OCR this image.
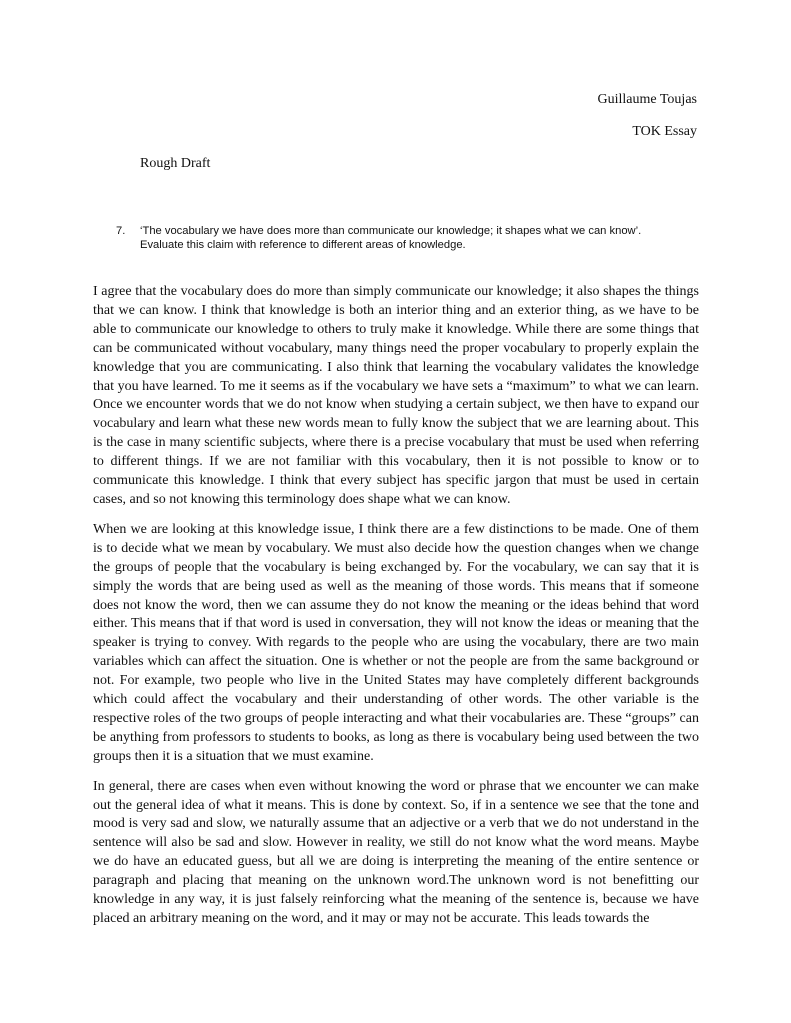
Guillaume Toujas
TOK Essay
Rough Draft
7.	‘The vocabulary we have does more than communicate our knowledge; it shapes what we can know’.
Evaluate this claim with reference to different areas of knowledge.

I agree that the vocabulary does do more than simply communicate our knowledge; it also shapes the things that we can know. I think that knowledge is both an interior thing and an exterior thing, as we have to be able to communicate our knowledge to others to truly make it knowledge. While there are some things that can be communicated without vocabulary, many things need the proper vocabulary to properly explain the knowledge that you are communicating. I also think that learning the vocabulary validates the knowledge that you have learned. To me it seems as if the vocabulary we have sets a “maximum” to what we can learn. Once we encounter words that we do not know when studying a certain subject, we then have to expand our vocabulary and learn what these new words mean to fully know the subject that we are learning about. This is the case in many scientific subjects, where there is a precise vocabulary that must be used when referring to different things. If we are not familiar with this vocabulary, then it is not possible to know or to communicate this knowledge. I think that every subject has specific jargon that must be used in certain cases, and so not knowing this terminology does shape what we can know.

When we are looking at this knowledge issue, I think there are a few distinctions to be made. One of them is to decide what we mean by vocabulary. We must also decide how the question changes when we change the groups of people that the vocabulary is being exchanged by. For the vocabulary, we can say that it is simply the words that are being used as well as the meaning of those words. This means that if someone does not know the word, then we can assume they do not know the meaning or the ideas behind that word either. This means that if that word is used in conversation, they will not know the ideas or meaning that the speaker is trying to convey. With regards to the people who are using the vocabulary, there are two main variables which can affect the situation. One is whether or not the people are from the same background or not. For example, two people who live in the United States may have completely different backgrounds which could affect the vocabulary and their understanding of other words. The other variable is the respective roles of the two groups of people interacting and what their vocabularies are. These “groups” can be anything from professors to students to books, as long as there is vocabulary being used between the two groups then it is a situation that we must examine.

In general, there are cases when even without knowing the word or phrase that we encounter we can make out the general idea of what it means. This is done by context. So, if in a sentence we see that the tone and mood is very sad and slow, we naturally assume that an adjective or a verb that we do not understand in the sentence will also be sad and slow. However in reality, we still do not know what the word means. Maybe we do have an educated guess, but all we are doing is interpreting the meaning of the entire sentence or paragraph and placing that meaning on the unknown word.The unknown word is not benefitting our knowledge in any way, it is just falsely reinforcing what the meaning of the sentence is, because we have placed an arbitrary meaning on the word, and it may or may not be accurate. This leads towards the
